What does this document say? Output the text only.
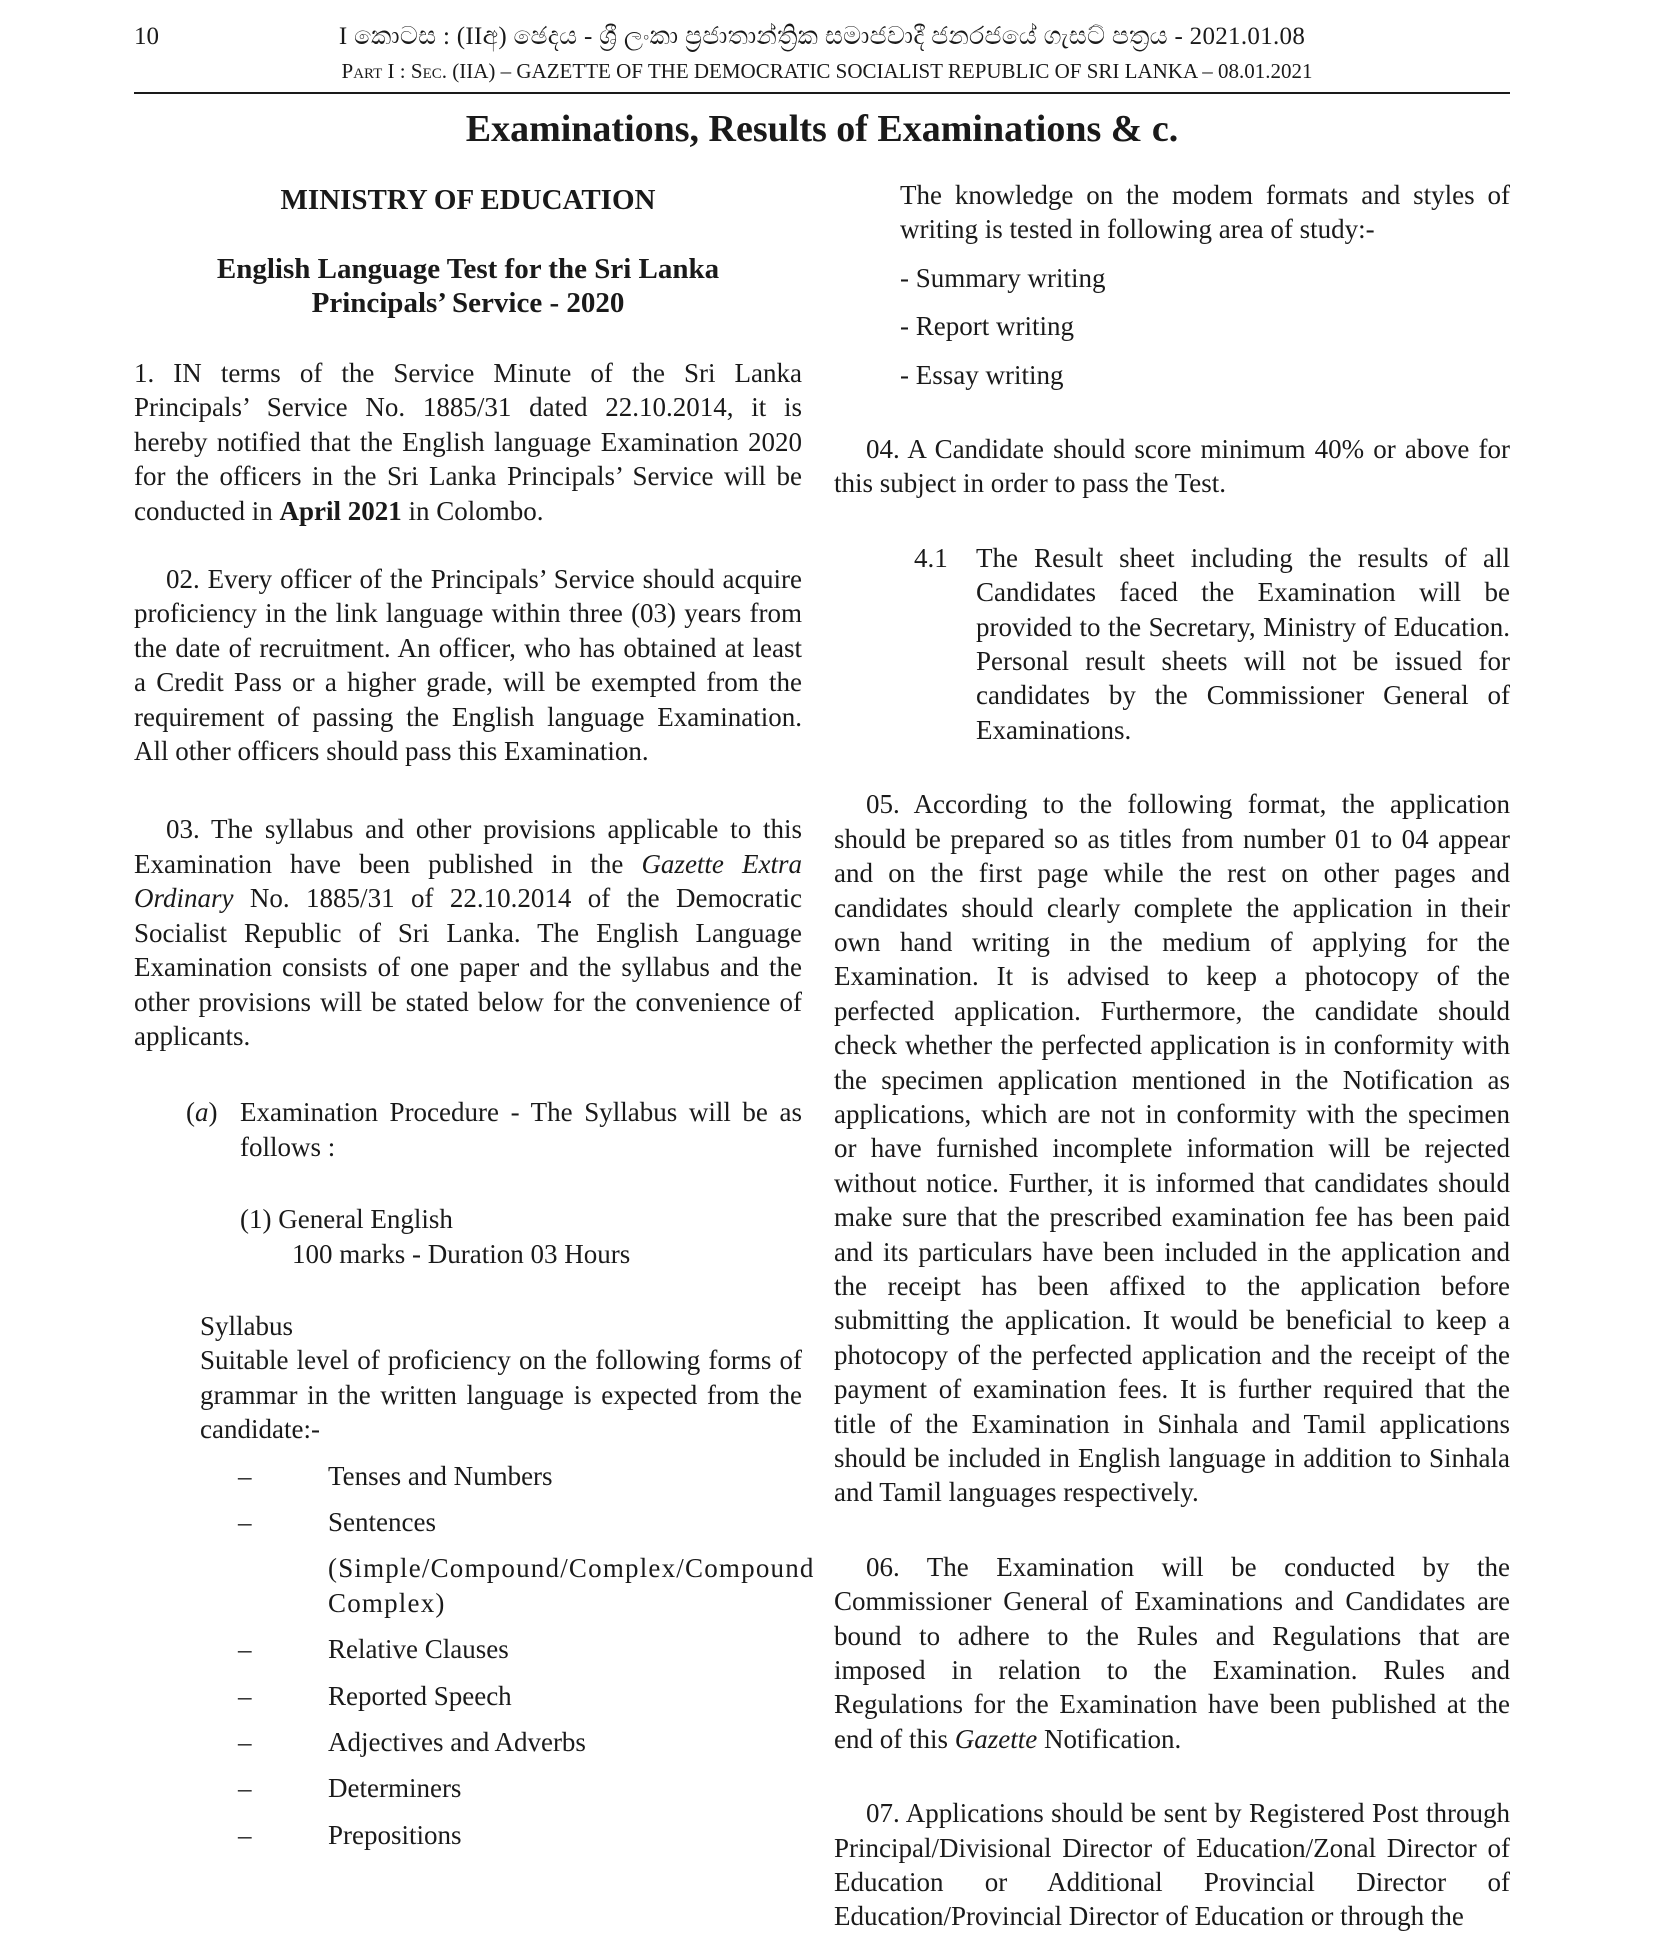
10	I කොටස : (IIඅ) ඡෙදය - ශ්‍රී ලංකා ප්‍රජාතාන්ත්‍රික සමාජවාදී ජනරජයේ ගැසට් පත්‍රය - 2021.01.08
Part I : Sec. (IIA) – GAZETTE OF THE DEMOCRATIC SOCIALIST REPUBLIC OF SRI LANKA – 08.01.2021
Examinations, Results of Examinations & c.
MINISTRY OF EDUCATION
English Language Test for the Sri Lanka
Principals’ Service - 2020

1. IN terms of the Service Minute of the Sri Lanka Principals’ Service No. 1885/31 dated 22.10.2014, it is hereby notified that the English language Examination 2020 for the officers in the Sri Lanka Principals’ Service will be conducted in April 2021 in Colombo.

02. Every officer of the Principals’ Service should acquire proficiency in the link language within three (03) years from the date of recruitment. An officer, who has obtained at least a Credit Pass or a higher grade, will be exempted from the requirement of passing the English language Examination. All other officers should pass this Examination.

03. The syllabus and other provisions applicable to this Examination have been published in the Gazette Extra Ordinary No. 1885/31 of 22.10.2014 of the Democratic Socialist Republic of Sri Lanka. The English Language Examination consists of one paper and the syllabus and the other provisions will be stated below for the convenience of applicants.

(a) Examination Procedure - The Syllabus will be as follows :
(1) General English
100 marks - Duration 03 Hours
Syllabus
Suitable level of proficiency on the following forms of grammar in the written language is expected from the candidate:-
–	Tenses and Numbers
–	Sentences
(Simple/Compound/Complex/Compound Complex)
–	Relative Clauses
–	Reported Speech
–	Adjectives and Adverbs
–	Determiners
–	Prepositions
The knowledge on the modem formats and styles of writing is tested in following area of study:-
- Summary writing
- Report writing
- Essay writing

04. A Candidate should score minimum 40% or above for this subject in order to pass the Test.

4.1	The Result sheet including the results of all Candidates faced the Examination will be provided to the Secretary, Ministry of Education. Personal result sheets will not be issued for candidates by the Commissioner General of Examinations.

05. According to the following format, the application should be prepared so as titles from number 01 to 04 appear and on the first page while the rest on other pages and candidates should clearly complete the application in their own hand writing in the medium of applying for the Examination. It is advised to keep a photocopy of the perfected application. Furthermore, the candidate should check whether the perfected application is in conformity with the specimen application mentioned in the Notification as applications, which are not in conformity with the specimen or have furnished incomplete information will be rejected without notice. Further, it is informed that candidates should make sure that the prescribed examination fee has been paid and its particulars have been included in the application and the receipt has been affixed to the application before submitting the application. It would be beneficial to keep a photocopy of the perfected application and the receipt of the payment of examination fees. It is further required that the title of the Examination in Sinhala and Tamil applications should be included in English language in addition to Sinhala and Tamil languages respectively.

06. The Examination will be conducted by the Commissioner General of Examinations and Candidates are bound to adhere to the Rules and Regulations that are imposed in relation to the Examination. Rules and Regulations for the Examination have been published at the end of this Gazette Notification.

07. Applications should be sent by Registered Post through Principal/Divisional Director of Education/Zonal Director of Education or Additional Provincial Director of Education/Provincial Director of Education or through the
